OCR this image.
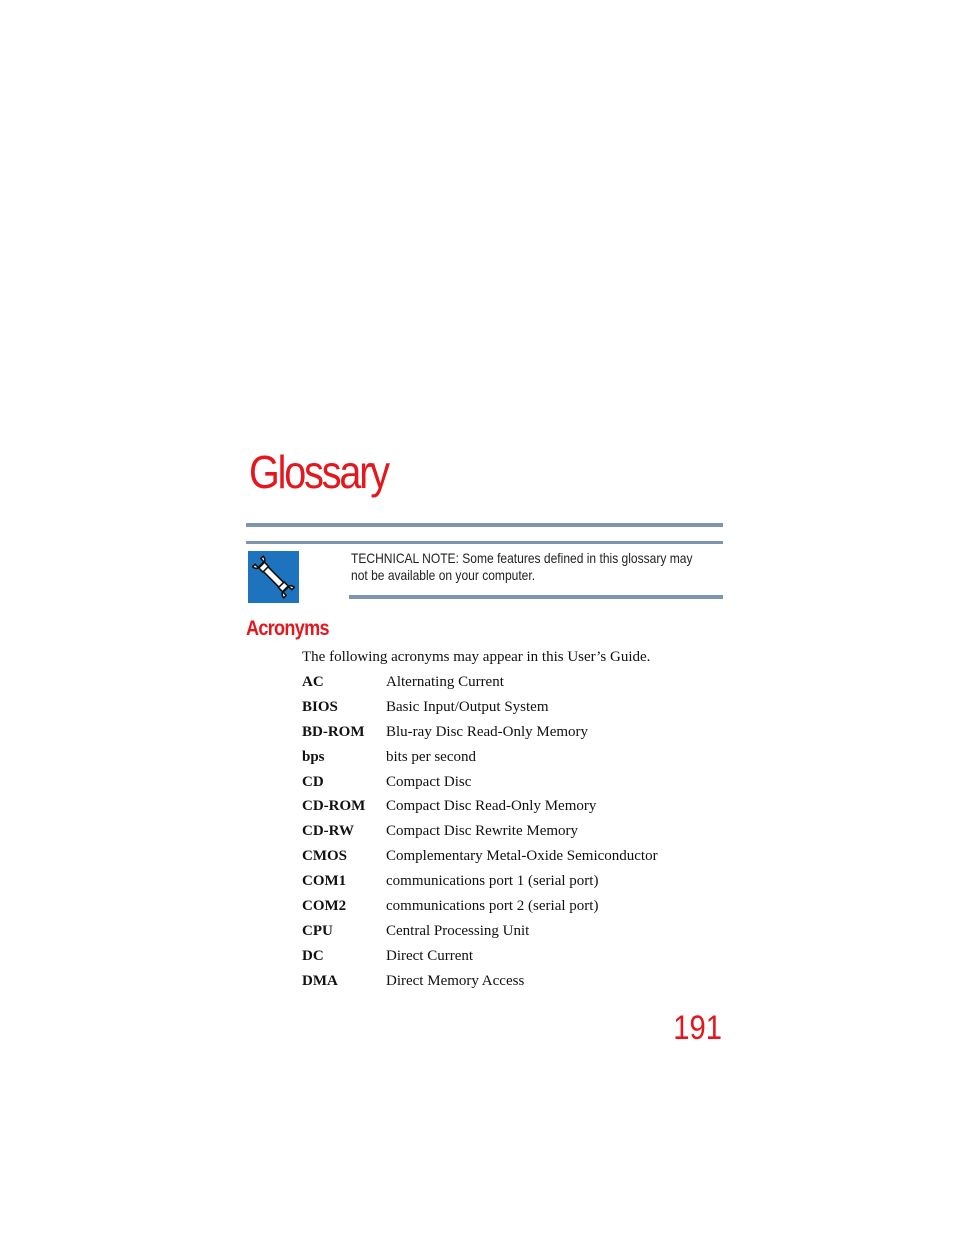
Glossary
TECHNICAL NOTE: Some features defined in this glossary may not be available on your computer.
Acronyms
The following acronyms may appear in this User’s Guide.
AC	Alternating Current
BIOS	Basic Input/Output System
BD-ROM	Blu-ray Disc Read-Only Memory
bps	bits per second
CD	Compact Disc
CD-ROM	Compact Disc Read-Only Memory
CD-RW	Compact Disc Rewrite Memory
CMOS	Complementary Metal-Oxide Semiconductor
COM1	communications port 1 (serial port)
COM2	communications port 2 (serial port)
CPU	Central Processing Unit
DC	Direct Current
DMA	Direct Memory Access
191
